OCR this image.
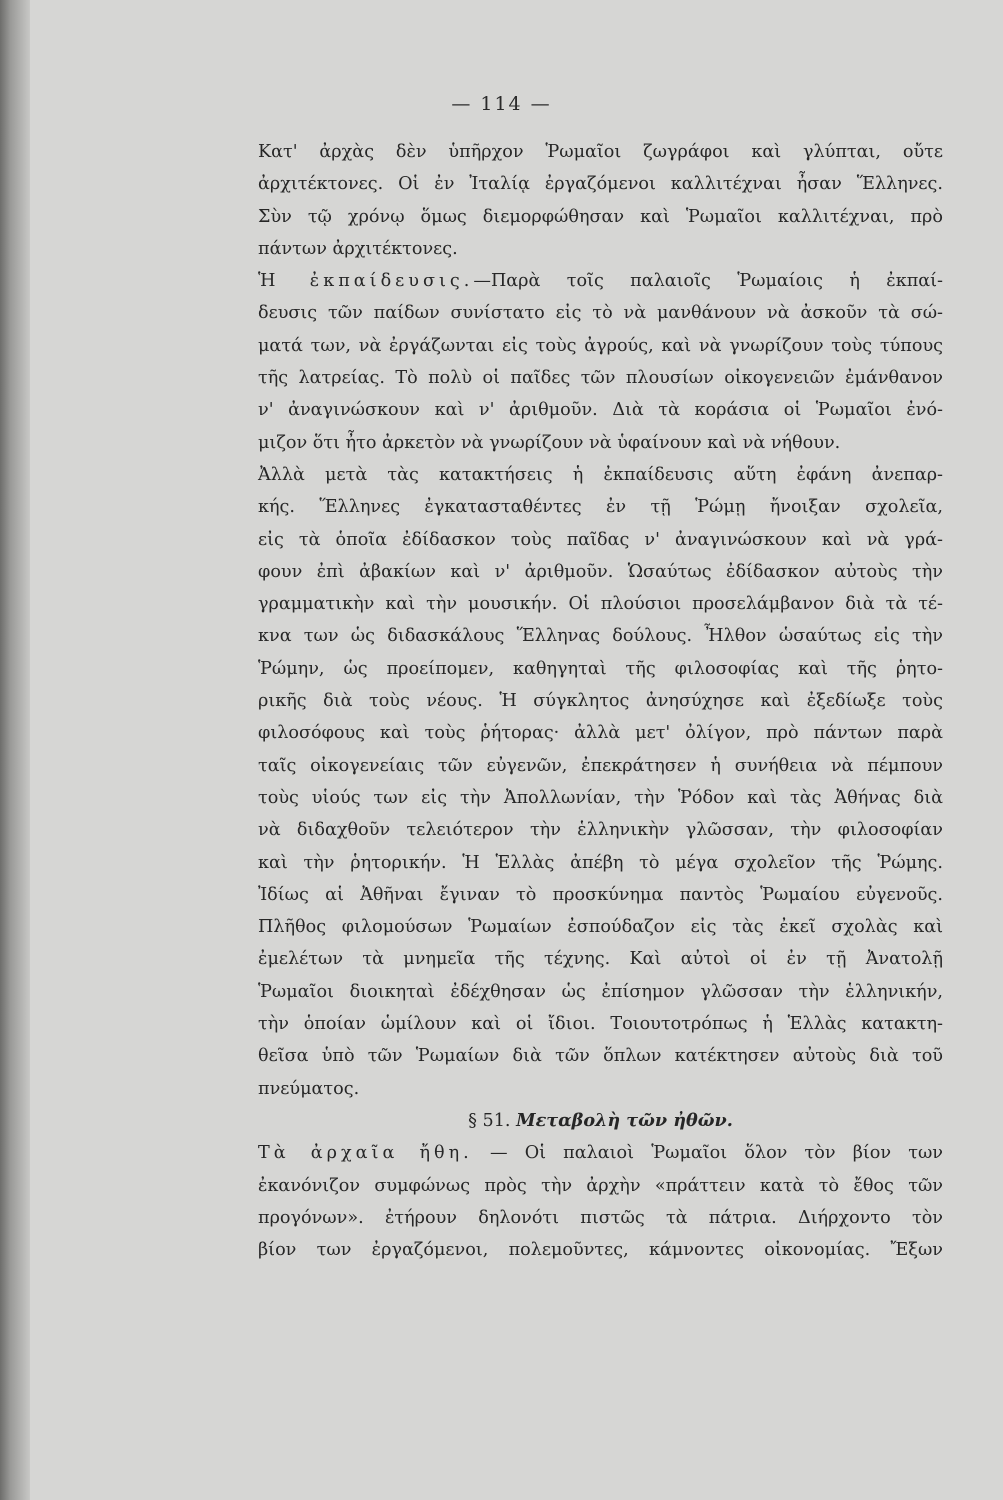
— 114 —
Κατ' ἀρχὰς δὲν ὑπῆρχον Ῥωμαῖοι ζωγράφοι καὶ γλύπται, οὔτε
ἀρχιτέκτονες. Οἱ ἐν Ἰταλίᾳ ἐργαζόμενοι καλλιτέχναι ἦσαν Ἕλληνες.
Σὺν τῷ χρόνῳ ὅμως διεμορφώθησαν καὶ Ῥωμαῖοι καλλιτέχναι, πρὸ
πάντων ἀρχιτέκτονες.
Ἡ ἐκπαίδευσις.—Παρὰ τοῖς παλαιοῖς Ῥωμαίοις ἡ ἐκπαί-
δευσις τῶν παίδων συνίστατο εἰς τὸ νὰ μανθάνουν νὰ ἀσκοῦν τὰ σώ-
ματά των, νὰ ἐργάζωνται εἰς τοὺς ἀγρούς, καὶ νὰ γνωρίζουν τοὺς τύπους
τῆς λατρείας. Τὸ πολὺ οἱ παῖδες τῶν πλουσίων οἰκογενειῶν ἐμάνθανον
ν' ἀναγινώσκουν καὶ ν' ἀριθμοῦν. Διὰ τὰ κοράσια οἱ Ῥωμαῖοι ἐνό-
μιζον ὅτι ἦτο ἀρκετὸν νὰ γνωρίζουν νὰ ὑφαίνουν καὶ νὰ νήθουν.
Ἀλλὰ μετὰ τὰς κατακτήσεις ἡ ἐκπαίδευσις αὕτη ἐφάνη ἀνεπαρ-
κής. Ἕλληνες ἐγκατασταθέντες ἐν τῇ Ῥώμῃ ἤνοιξαν σχολεῖα,
εἰς τὰ ὁποῖα ἐδίδασκον τοὺς παῖδας ν' ἀναγινώσκουν καὶ νὰ γρά-
φουν ἐπὶ ἀβακίων καὶ ν' ἀριθμοῦν. Ὡσαύτως ἐδίδασκον αὐτοὺς τὴν
γραμματικὴν καὶ τὴν μουσικήν. Οἱ πλούσιοι προσελάμβανον διὰ τὰ τέ-
κνα των ὡς διδασκάλους Ἕλληνας δούλους. Ἦλθον ὡσαύτως εἰς τὴν
Ῥώμην, ὡς προείπομεν, καθηγηταὶ τῆς φιλοσοφίας καὶ τῆς ῥητο-
ρικῆς διὰ τοὺς νέους. Ἡ σύγκλητος ἀνησύχησε καὶ ἐξεδίωξε τοὺς
φιλοσόφους καὶ τοὺς ῥήτορας· ἀλλὰ μετ' ὀλίγον, πρὸ πάντων παρὰ
ταῖς οἰκογενείαις τῶν εὐγενῶν, ἐπεκράτησεν ἡ συνήθεια νὰ πέμπουν
τοὺς υἱούς των εἰς τὴν Ἀπολλωνίαν, τὴν Ῥόδον καὶ τὰς Ἀθήνας διὰ
νὰ διδαχθοῦν τελειότερον τὴν ἑλληνικὴν γλῶσσαν, τὴν φιλοσοφίαν
καὶ τὴν ῥητορικήν. Ἡ Ἑλλὰς ἀπέβη τὸ μέγα σχολεῖον τῆς Ῥώμης.
Ἰδίως αἱ Ἀθῆναι ἔγιναν τὸ προσκύνημα παντὸς Ῥωμαίου εὐγενοῦς.
Πλῆθος φιλομούσων Ῥωμαίων ἐσπούδαζον εἰς τὰς ἐκεῖ σχολὰς καὶ
ἐμελέτων τὰ μνημεῖα τῆς τέχνης. Καὶ αὐτοὶ οἱ ἐν τῇ Ἀνατολῇ
Ῥωμαῖοι διοικηταὶ ἐδέχθησαν ὡς ἐπίσημον γλῶσσαν τὴν ἑλληνικήν,
τὴν ὁποίαν ὡμίλουν καὶ οἱ ἴδιοι. Τοιουτοτρόπως ἡ Ἑλλὰς κατακτη-
θεῖσα ὑπὸ τῶν Ῥωμαίων διὰ τῶν ὅπλων κατέκτησεν αὐτοὺς διὰ τοῦ
πνεύματος.
§ 51. Μεταβολὴ τῶν ἠθῶν.
Τὰ ἀρχαῖα ἤθη. — Οἱ παλαιοὶ Ῥωμαῖοι ὅλον τὸν βίον των
ἐκανόνιζον συμφώνως πρὸς τὴν ἀρχὴν «πράττειν κατὰ τὸ ἔθος τῶν
προγόνων». ἐτήρουν δηλονότι πιστῶς τὰ πάτρια. Διήρχοντο τὸν
βίον των ἐργαζόμενοι, πολεμοῦντες, κάμνοντες οἰκονομίας. Ἔξων
